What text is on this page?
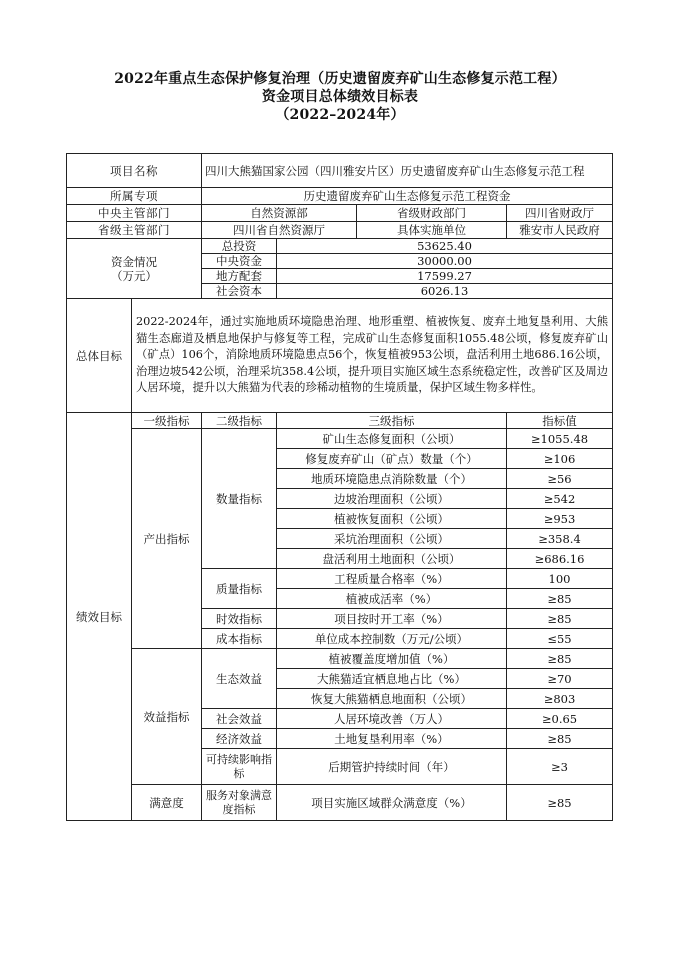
2022年重点生态保护修复治理（历史遗留废弃矿山生态修复示范工程）
资金项目总体绩效目标表
（2022–2024年）
项目名称		四川大熊猫国家公园（四川雅安片区）历史遗留废弃矿山生态修复示范工程			
所属专项		历史遗留废弃矿山生态修复示范工程资金			
中央主管部门		自然资源部		省级财政部门	四川省财政厅
省级主管部门		四川省自然资源厅		具体实施单位	雅安市人民政府

资金情况
（万元）		总投资	53625.40		
		中央资金	30000.00		
		地方配套	17599.27		
		社会资本	6026.13		
总体目标	2022-2024年，通过实施地质环境隐患治理、地形重塑、植被恢复、废弃土地复垦利用、大熊猫生态廊道及栖息地保护与修复等工程，完成矿山生态修复面积1055.48公顷，修复废弃矿山（矿点）106个，消除地质环境隐患点56个，恢复植被953公顷，盘活利用土地686.16公顷，治理边坡542公顷，治理采坑358.4公顷，提升项目实施区域生态系统稳定性，改善矿区及周边人居环境，提升以大熊猫为代表的珍稀动植物的生境质量，保护区域生物多样性。				
绩效目标	一级指标	二级指标	三级指标		指标值
	产出指标	数量指标	矿山生态修复面积（公顷）		≥1055.48
			修复废弃矿山（矿点）数量（个）		≥106
			地质环境隐患点消除数量（个）		≥56
			边坡治理面积（公顷）		≥542
			植被恢复面积（公顷）		≥953
			采坑治理面积（公顷）		≥358.4
			盘活利用土地面积（公顷）		≥686.16
		质量指标	工程质量合格率（%）		100
			植被成活率（%）		≥85
		时效指标	项目按时开工率（%）		≥85
		成本指标	单位成本控制数（万元/公顷）		≤55
	效益指标	生态效益	植被覆盖度增加值（%）		≥85
			大熊猫适宜栖息地占比（%）		≥70
			恢复大熊猫栖息地面积（公顷）		≥803
		社会效益	人居环境改善（万人）		≥0.65
		经济效益	土地复垦利用率（%）		≥85
		可持续影响指标	后期管护持续时间（年）		≥3
	满意度	服务对象满意度指标	项目实施区域群众满意度（%）		≥85
